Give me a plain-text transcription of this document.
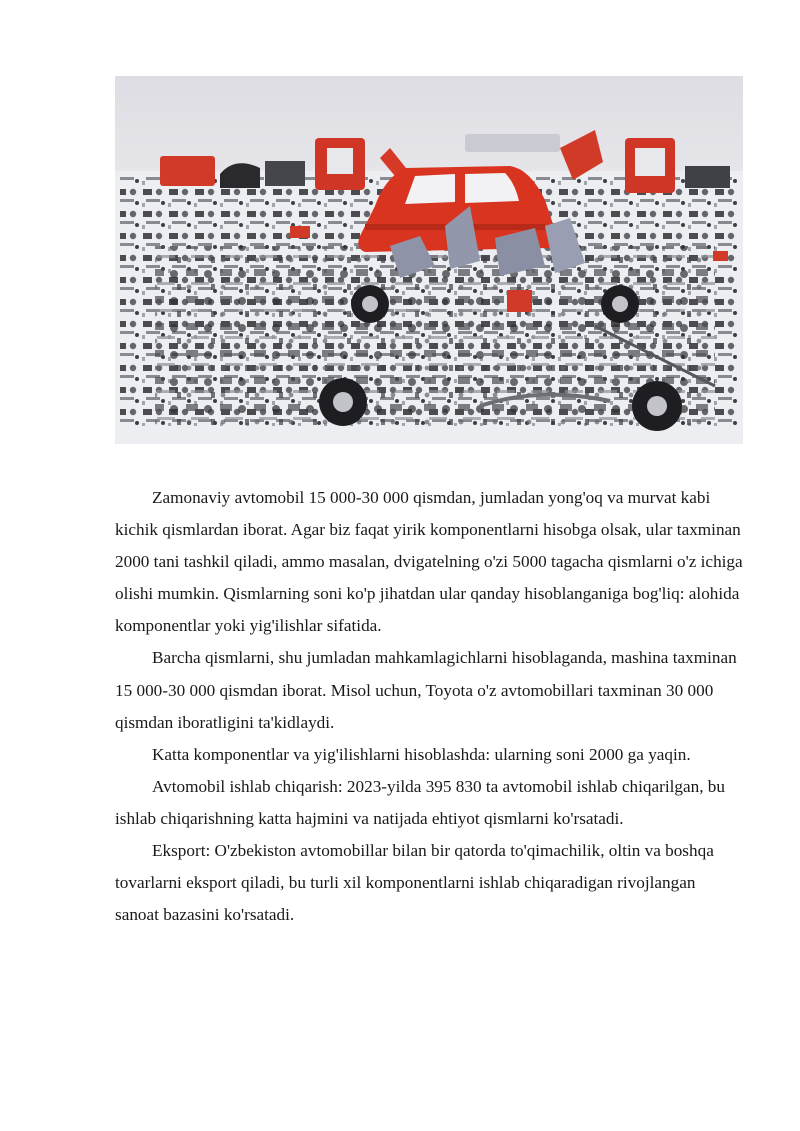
Zamonaviy avtomobil 15 000-30 000 qismdan, jumladan yong'oq va murvat kabi kichik qismlardan iborat. Agar biz faqat yirik komponentlarni hisobga olsak, ular taxminan 2000 tani tashkil qiladi, ammo masalan, dvigatelning o'zi 5000 tagacha qismlarni o'z ichiga olishi mumkin. Qismlarning soni ko'p jihatdan ular qanday hisoblanganiga bog'liq: alohida komponentlar yoki yig'ilishlar sifatida.

Barcha qismlarni, shu jumladan mahkamlagichlarni hisoblaganda, mashina taxminan 15 000-30 000 qismdan iborat. Misol uchun, Toyota o'z avtomobillari taxminan 30 000 qismdan iboratligini ta'kidlaydi.

Katta komponentlar va yig'ilishlarni hisoblashda: ularning soni 2000 ga yaqin.

Avtomobil ishlab chiqarish: 2023-yilda 395 830 ta avtomobil ishlab chiqarilgan, bu ishlab chiqarishning katta hajmini va natijada ehtiyot qismlarni ko'rsatadi.

Eksport: O'zbekiston avtomobillar bilan bir qatorda to'qimachilik, oltin va boshqa tovarlarni eksport qiladi, bu turli xil komponentlarni ishlab chiqaradigan rivojlangan sanoat bazasini ko'rsatadi.
